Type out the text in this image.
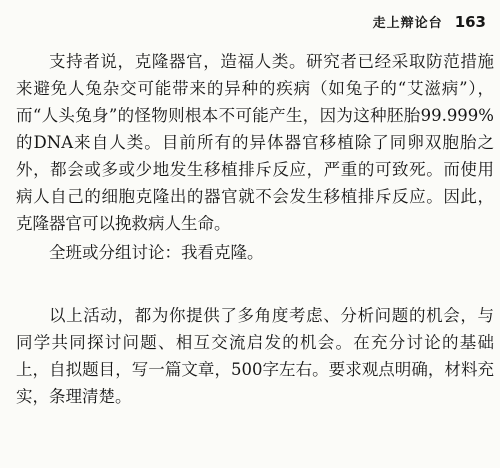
走上辩论台 163

支持者说，克隆器官，造福人类。研究者已经采取防范措施来避免人兔杂交可能带来的异种的疾病（如兔子的“艾滋病”），而“人头兔身”的怪物则根本不可能产生，因为这种胚胎99.999%的DNA来自人类。目前所有的异体器官移植除了同卵双胞胎之外，都会或多或少地发生移植排斥反应，严重的可致死。而使用病人自己的细胞克隆出的器官就不会发生移植排斥反应。因此，克隆器官可以挽救病人生命。

全班或分组讨论：我看克隆。

以上活动，都为你提供了多角度考虑、分析问题的机会，与同学共同探讨问题、相互交流启发的机会。在充分讨论的基础上，自拟题目，写一篇文章，500字左右。要求观点明确，材料充实，条理清楚。
